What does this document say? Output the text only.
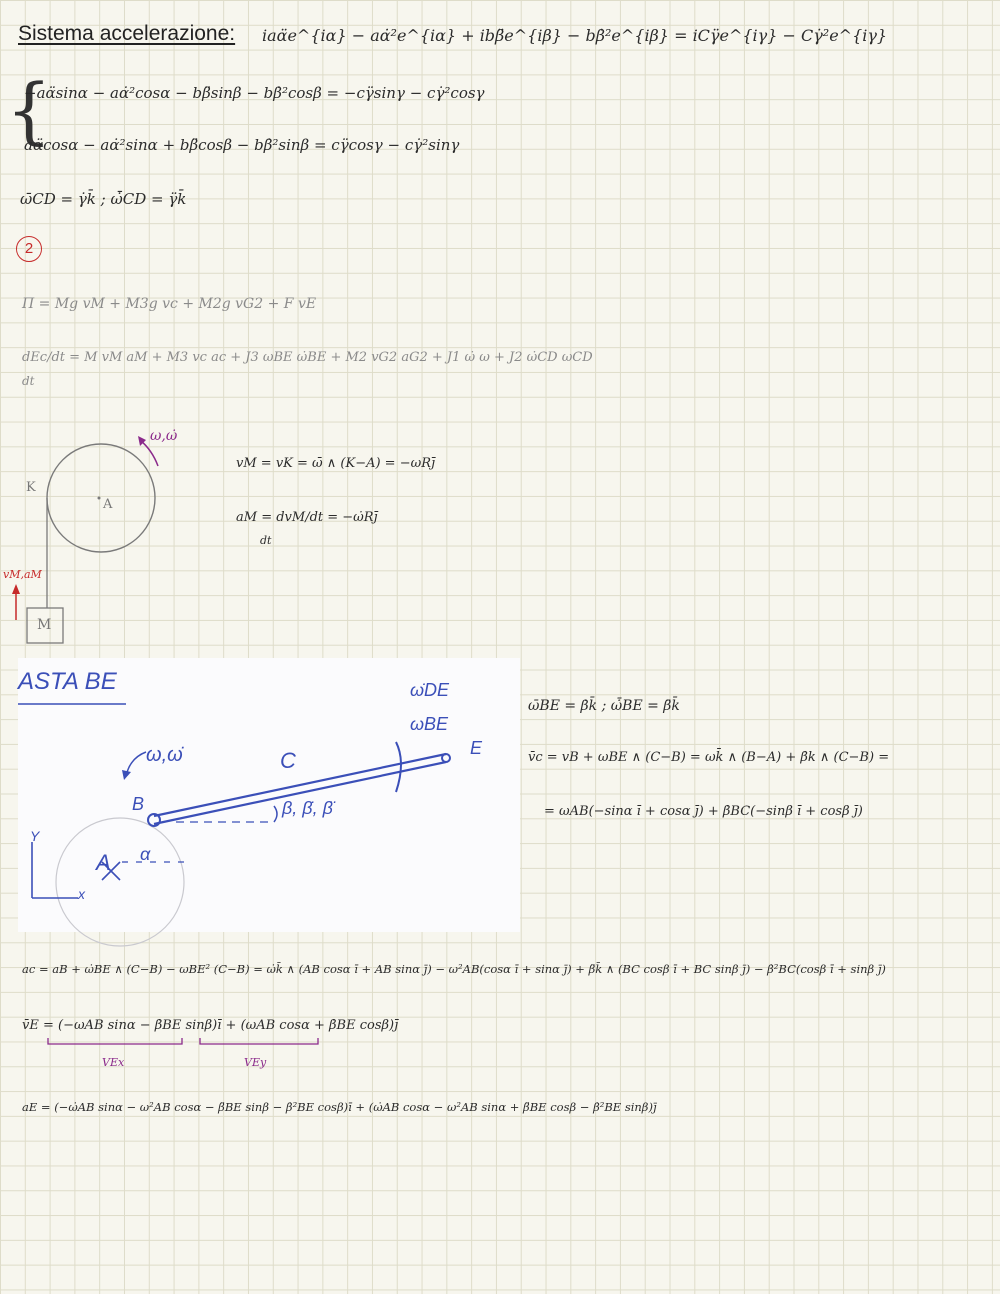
Sistema accelerazione: iaα̈e^{iα} − aα̇²e^{iα} + ibβ̈e^{iβ} − bβ̇²e^{iβ} = iCγ̈e^{iγ} − Cγ̇²e^{iγ}
{
−aα̈sinα − aα̇²cosα − bβ̈sinβ − bβ̇²cosβ = −cγ̈sinγ − cγ̇²cosγ
aα̈cosα − aα̇²sinα + bβ̈cosβ − bβ̇²sinβ = cγ̈cosγ − cγ̇²sinγ
ω̄CD = γ̇k̄ ; ω̇̄CD = γ̈k̄
2
Π = Mg vM + M3g vc + M2g vG2 + F vE
dEc/dt = M vM aM + M3 vc ac + J3 ωBE ω̇BE + M2 vG2 aG2 + J1 ω̇ ω + J2 ω̇CD ωCD
dt
ω,ω̇
K
A
M
vM,aM
vM = vK = ω̄ ∧ (K−A) = −ωRj̄
aM = dvM/dt = −ω̇Rj̄
dt
ASTA BE	ω̇DE
ωBE
E
C
ω,ω̇
B	β, β̇, β̈
A α
Y
x
ω̄BE = β̇k̄ ; ω̇̄BE = β̈k̄
v̄c = vB + ωBE ∧ (C−B) = ωk̄ ∧ (B−A) + β̇k ∧ (C−B) =
= ωAB(−sinα ī + cosα j̄) + β̇BC(−sinβ ī + cosβ j̄)
ac = aB + ω̇BE ∧ (C−B) − ωBE² (C−B) = ω̇k̄ ∧ (AB cosα ī + AB sinα j̄) − ω²AB(cosα ī + sinα j̄) + β̈k̄ ∧ (BC cosβ ī + BC sinβ j̄) − β̇²BC(cosβ ī + sinβ j̄)
v̄E = (−ωAB sinα − β̇BE sinβ)ī + (ωAB cosα + β̇BE cosβ)j̄
VEx	VEy
aE = (−ω̇AB sinα − ω²AB cosα − β̈BE sinβ − β̇²BE cosβ)ī + (ω̇AB cosα − ω²AB sinα + β̈BE cosβ − β̇²BE sinβ)j̄
